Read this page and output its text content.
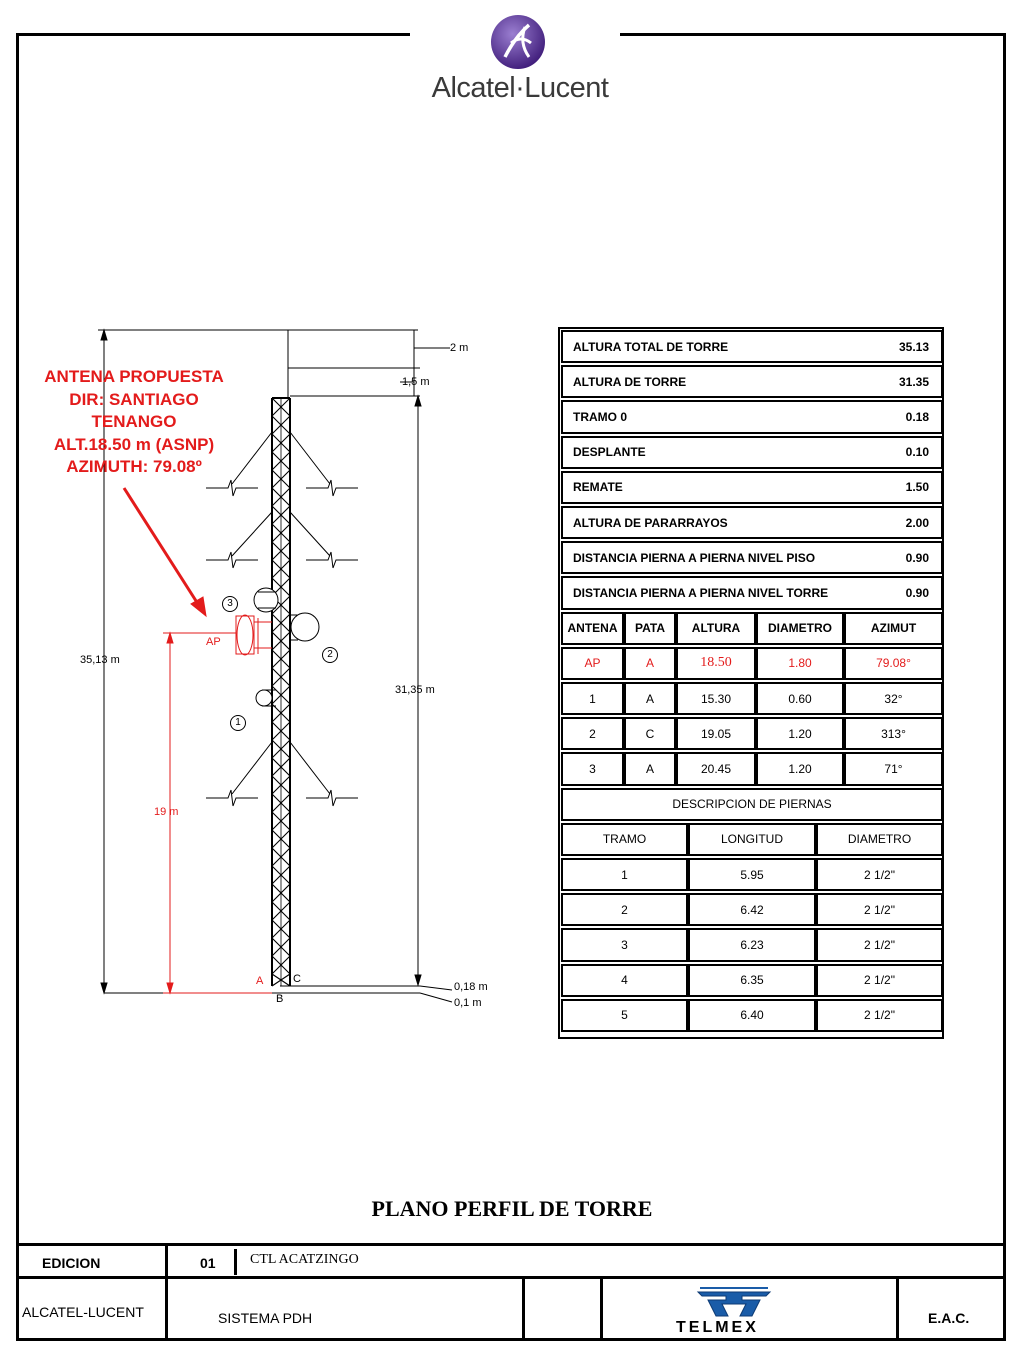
Alcatel·Lucent
2 m
1,5 m
35,13 m
31,35 m
19 m
0,18 m
0,1 m
AP
A
B
C
3
2
1
ANTENA PROPUESTA
DIR: SANTIAGO
TENANGO
ALT.18.50 m (ASNP)
AZIMUTH: 79.08º
ALTURA TOTAL DE TORRE	35.13
ALTURA DE TORRE	31.35
TRAMO 0	0.18
DESPLANTE	0.10
REMATE	1.50
ALTURA DE PARARRAYOS	2.00
DISTANCIA PIERNA A PIERNA NIVEL PISO	0.90
DISTANCIA PIERNA A PIERNA NIVEL TORRE	0.90
ANTENA PATA ALTURA DIAMETRO	AZIMUT
AP	A	18.50	1.80	79.08°
1	A	15.30	0.60	32°
2	C	19.05	1.20	313°
3	A	20.45	1.20	71°
DESCRIPCION DE PIERNAS
TRAMO	LONGITUD	DIAMETRO
1	5.95	2 1/2"
2	6.42	2 1/2"
3	6.23	2 1/2"
4	6.35	2 1/2"
5	6.40	2 1/2"
PLANO PERFIL DE TORRE
EDICION	01 CTL ACATZINGO
ALCATEL-LUCENT	SISTEMA PDH	E.A.C.
TELMEX
